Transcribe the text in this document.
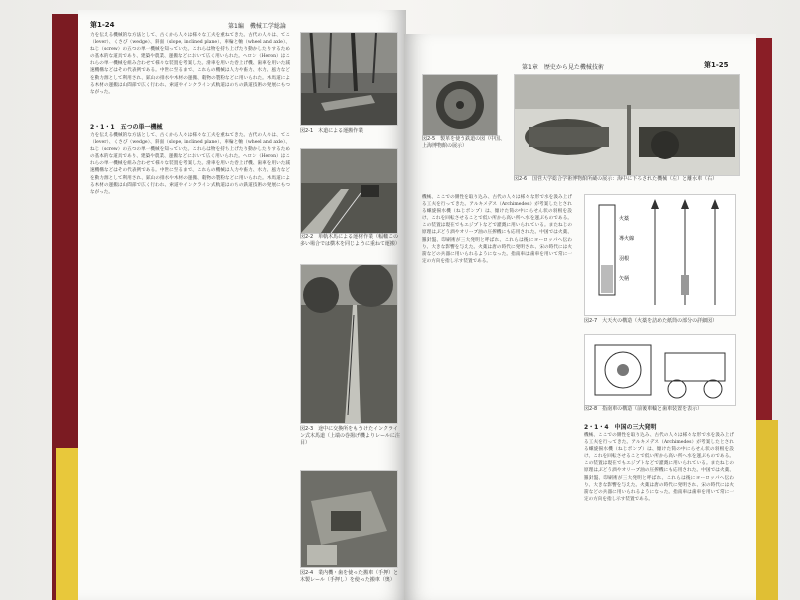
第1-24	第1編　機械工学総論
力を伝える機械的な方法として、古くから人々は様々な工夫を重ねてきた。古代の人々は、てこ（lever）、くさび（wedge）、斜面（slope, inclined plane）、車輪と軸（wheel and axle）、ねじ（screw）の五つの単一機械を知っていた。これらは物を持ち上げたり動かしたりするための基本的な道具であり、建築や農業、運搬などにおいて広く用いられた。ヘロン（Heron）はこれらの単一機械を組み合わせて様々な装置を考案した。滑車を用いた巻上げ機、歯車を用いた減速機構などはその代表例である。中世に至るまで、これらの機械は人力や畜力、水力、風力などを動力源として利用され、鉱山の排水や木材の運搬、穀物の製粉などに用いられた。木馬道による木材の運搬は山間部で広く行われ、索道やインクライン式軌道はのちの鉄道技術の発展にもつながった。
2・1・1　五つの単一機械
力を伝える機械的な方法として、古くから人々は様々な工夫を重ねてきた。古代の人々は、てこ（lever）、くさび（wedge）、斜面（slope, inclined plane）、車輪と軸（wheel and axle）、ねじ（screw）の五つの単一機械を知っていた。これらは物を持ち上げたり動かしたりするための基本的な道具であり、建築や農業、運搬などにおいて広く用いられた。ヘロン（Heron）はこれらの単一機械を組み合わせて様々な装置を考案した。滑車を用いた巻上げ機、歯車を用いた減速機構などはその代表例である。中世に至るまで、これらの機械は人力や畜力、水力、風力などを動力源として利用され、鉱山の排水や木材の運搬、穀物の製粉などに用いられた。木馬道による木材の運搬は山間部で広く行われ、索道やインクライン式軌道はのちの鉄道技術の発展にもつながった。
図2-1　木道による運搬作業
図2-2　単軌木馬による運材作業（幅轍この多い場合では横木を同じように重ねて運搬）
図2-3　途中に交換所をもうけたインクライン式木馬道（上端の巻揚げ機よりレールに注目）
図2-4　業内機・歯を使った搬車（手押）と木製レール（手押し）を使った搬車（奥）
第1章　歴史から見た機械技術	第1-25
図2-5　製革を使う鉄道の図（中国、上海博物館の展示）
図2-6　国営大学総合学術博物館所蔵の展示：海中に下ろされた機械（左）と離水車（右）
機械、ここでの側性を取り込み、古代の人々は様々な形で水を汲み上げる工夫を行ってきた。アルキメデス（Archimedes）が考案したとされる螺旋揚水機（ねじポンプ）は、傾けた筒の中にらせん状の羽根を設け、これを回転させることで低い所から高い所へ水を運ぶものである。この装置は現在でもエジプトなどで灌漑に用いられている。またねじの原理はぶどう酒やオリーブ油の圧搾機にも応用された。中国では火薬、羅針盤、印刷術が三大発明と呼ばれ、これらは後にヨーロッパへ伝わり、大きな影響を与えた。火薬は唐の時代に発明され、宋の時代には火箭などの兵器に用いられるようになった。指南車は歯車を用いて常に一定の方向を指し示す装置である。
火薬
導火線
羽根
矢柄
図2-7　大天火の構造（火薬を詰めた紙筒の部分の詳細図）
図2-8　指南車の構造（前後車輪と歯車装置を表示）
2・1・4　中国の三大発明
機械、ここでの側性を取り込み、古代の人々は様々な形で水を汲み上げる工夫を行ってきた。アルキメデス（Archimedes）が考案したとされる螺旋揚水機（ねじポンプ）は、傾けた筒の中にらせん状の羽根を設け、これを回転させることで低い所から高い所へ水を運ぶものである。この装置は現在でもエジプトなどで灌漑に用いられている。またねじの原理はぶどう酒やオリーブ油の圧搾機にも応用された。中国では火薬、羅針盤、印刷術が三大発明と呼ばれ、これらは後にヨーロッパへ伝わり、大きな影響を与えた。火薬は唐の時代に発明され、宋の時代には火箭などの兵器に用いられるようになった。指南車は歯車を用いて常に一定の方向を指し示す装置である。
